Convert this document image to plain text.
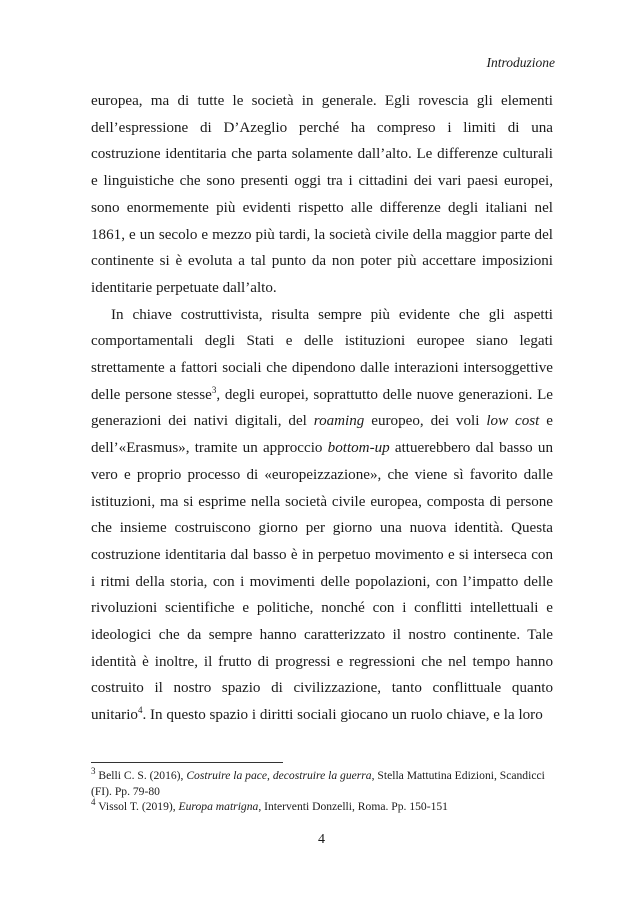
Introduzione

europea, ma di tutte le società in generale. Egli rovescia gli elementi dell’espressione di D’Azeglio perché ha compreso i limiti di una costruzione identitaria che parta solamente dall’alto. Le differenze culturali e linguistiche che sono presenti oggi tra i cittadini dei vari paesi europei, sono enormemente più evidenti rispetto alle differenze degli italiani nel 1861, e un secolo e mezzo più tardi, la società civile della maggior parte del continente si è evoluta a tal punto da non poter più accettare imposizioni identitarie perpetuate dall’alto.

In chiave costruttivista, risulta sempre più evidente che gli aspetti comportamentali degli Stati e delle istituzioni europee siano legati strettamente a fattori sociali che dipendono dalle interazioni intersoggettive delle persone stesse$^3$, degli europei, soprattutto delle nuove generazioni. Le generazioni dei nativi digitali, del roaming europeo, dei voli low cost e dell’«Erasmus», tramite un approccio bottom-up attuerebbero dal basso un vero e proprio processo di «europeizzazione», che viene sì favorito dalle istituzioni, ma si esprime nella società civile europea, composta di persone che insieme costruiscono giorno per giorno una nuova identità. Questa costruzione identitaria dal basso è in perpetuo movimento e si interseca con i ritmi della storia, con i movimenti delle popolazioni, con l’impatto delle rivoluzioni scientifiche e politiche, nonché con i conflitti intellettuali e ideologici che da sempre hanno caratterizzato il nostro continente. Tale identità è inoltre, il frutto di progressi e regressioni che nel tempo hanno costruito il nostro spazio di civilizzazione, tanto conflittuale quanto unitario$^4$. In questo spazio i diritti sociali giocano un ruolo chiave, e la loro

$^3$ Belli C. S. (2016), Costruire la pace, decostruire la guerra, Stella Mattutina Edizioni, Scandicci (FI). Pp. 79-80

$^4$ Vissol T. (2019), Europa matrigna, Interventi Donzelli, Roma. Pp. 150-151

4
